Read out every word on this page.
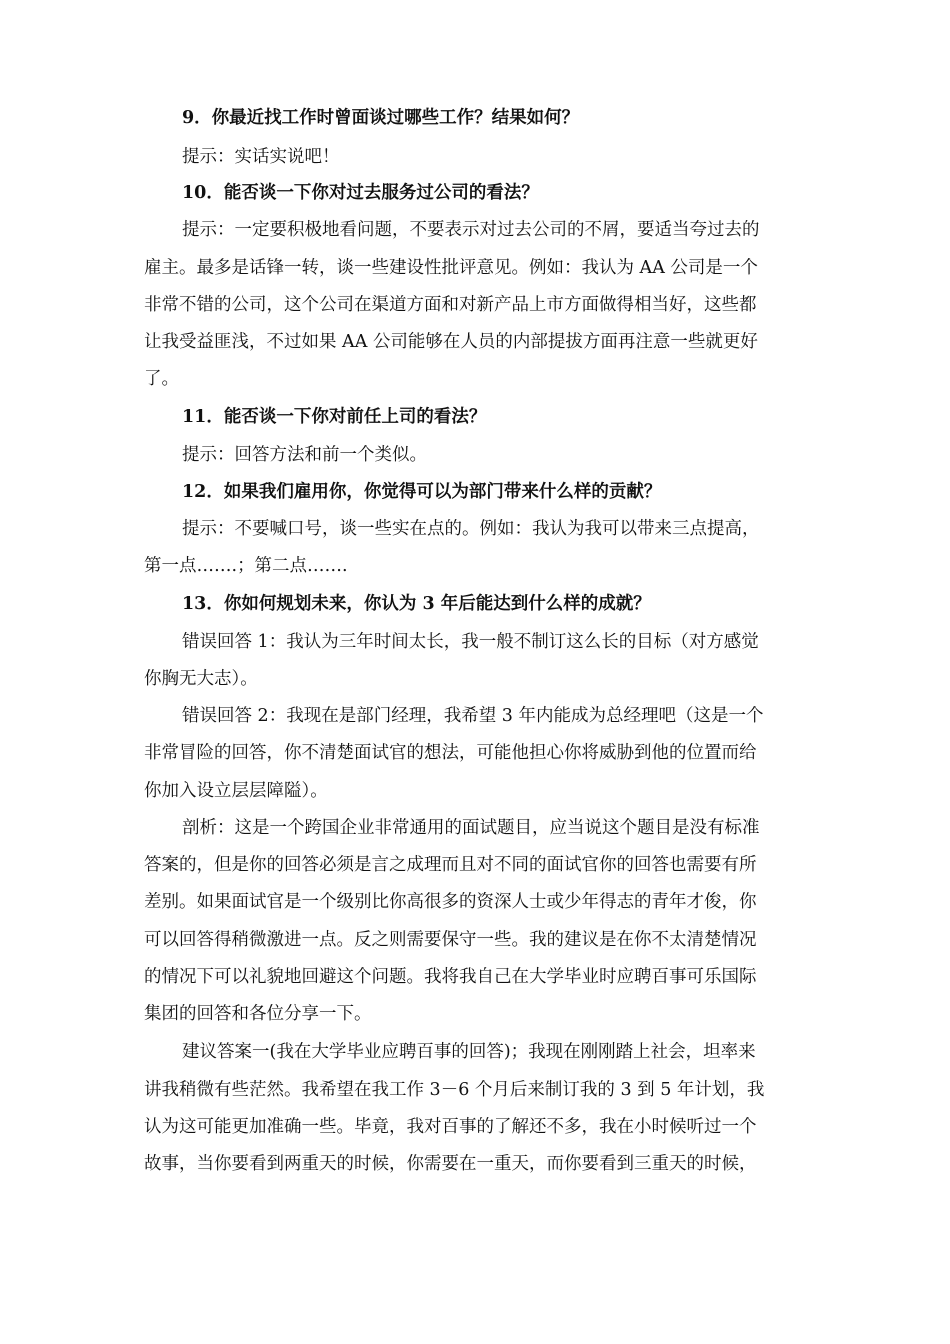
9．你最近找工作时曾面谈过哪些工作？结果如何？
提示：实话实说吧！
10．能否谈一下你对过去服务过公司的看法？
提示：一定要积极地看问题，不要表示对过去公司的不屑，要适当夸过去的
雇主。最多是话锋一转，谈一些建设性批评意见。例如：我认为 AA 公司是一个
非常不错的公司，这个公司在渠道方面和对新产品上市方面做得相当好，这些都
让我受益匪浅，不过如果 AA 公司能够在人员的内部提拔方面再注意一些就更好
了。
11．能否谈一下你对前任上司的看法？
提示：回答方法和前一个类似。
12．如果我们雇用你，你觉得可以为部门带来什么样的贡献？
提示：不要喊口号，谈一些实在点的。例如：我认为我可以带来三点提高，
第一点…….；第二点…….
13．你如何规划未来，你认为 3 年后能达到什么样的成就？
错误回答 1：我认为三年时间太长，我一般不制订这么长的目标（对方感觉
你胸无大志）。
错误回答 2：我现在是部门经理，我希望 3 年内能成为总经理吧（这是一个
非常冒险的回答，你不清楚面试官的想法，可能他担心你将威胁到他的位置而给
你加入设立层层障隘）。
剖析：这是一个跨国企业非常通用的面试题目，应当说这个题目是没有标准
答案的，但是你的回答必须是言之成理而且对不同的面试官你的回答也需要有所
差别。如果面试官是一个级别比你高很多的资深人士或少年得志的青年才俊，你
可以回答得稍微激进一点。反之则需要保守一些。我的建议是在你不太清楚情况
的情况下可以礼貌地回避这个问题。我将我自己在大学毕业时应聘百事可乐国际
集团的回答和各位分享一下。
建议答案一(我在大学毕业应聘百事的回答)；我现在刚刚踏上社会，坦率来
讲我稍微有些茫然。我希望在我工作 3－6 个月后来制订我的 3 到 5 年计划，我
认为这可能更加准确一些。毕竟，我对百事的了解还不多，我在小时候听过一个
故事，当你要看到两重天的时候，你需要在一重天，而你要看到三重天的时候，
